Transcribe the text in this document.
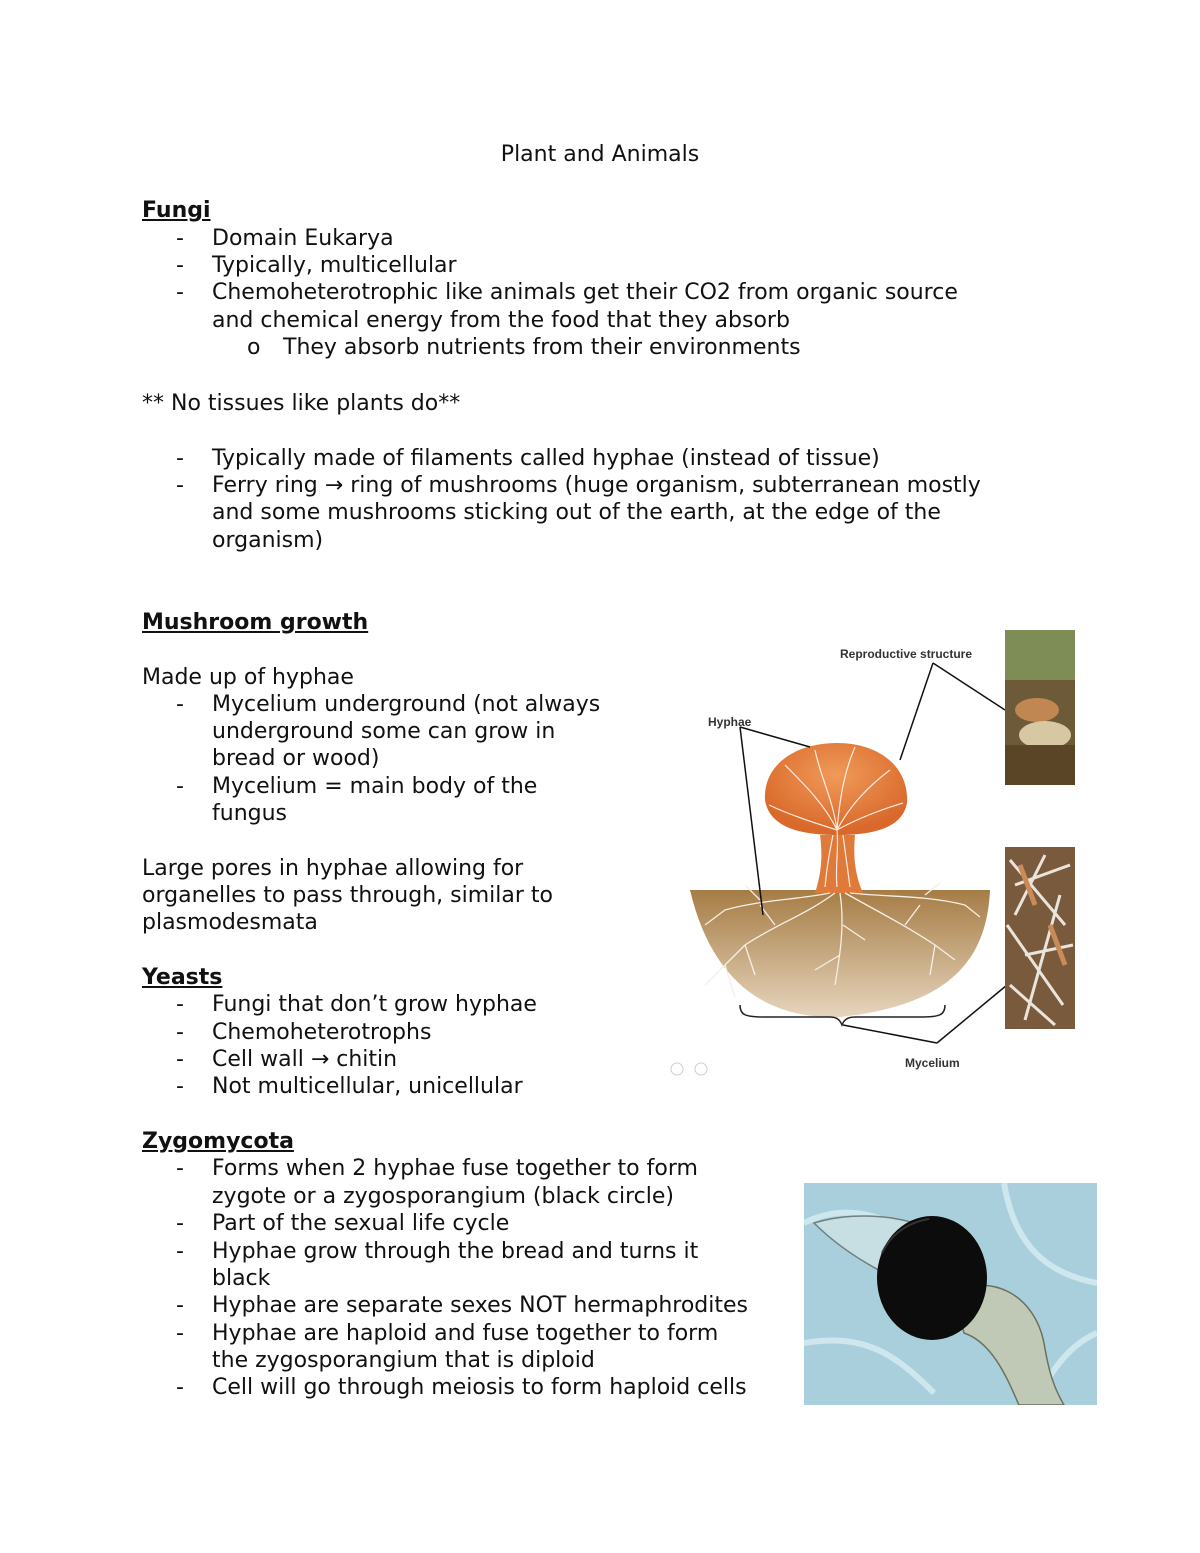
Plant and Animals
Fungi
- Domain Eukarya
- Typically, multicellular
- Chemoheterotrophic like animals get their CO2 from organic source
and chemical energy from the food that they absorb
o They absorb nutrients from their environments
** No tissues like plants do**
- Typically made of filaments called hyphae (instead of tissue)
- Ferry ring → ring of mushrooms (huge organism, subterranean mostly
and some mushrooms sticking out of the earth, at the edge of the
organism)
Mushroom growth
Made up of hyphae
- Mycelium underground (not always
underground some can grow in
bread or wood)
- Mycelium = main body of the
fungus
Large pores in hyphae allowing for
organelles to pass through, similar to
plasmodesmata
Yeasts
- Fungi that don’t grow hyphae
- Chemoheterotrophs
- Cell wall → chitin
- Not multicellular, unicellular
Zygomycota
- Forms when 2 hyphae fuse together to form
zygote or a zygosporangium (black circle)
- Part of the sexual life cycle
- Hyphae grow through the bread and turns it
black
- Hyphae are separate sexes NOT hermaphrodites
- Hyphae are haploid and fuse together to form
the zygosporangium that is diploid
- Cell will go through meiosis to form haploid cells
Reproductive structure
Hyphae
Mycelium
